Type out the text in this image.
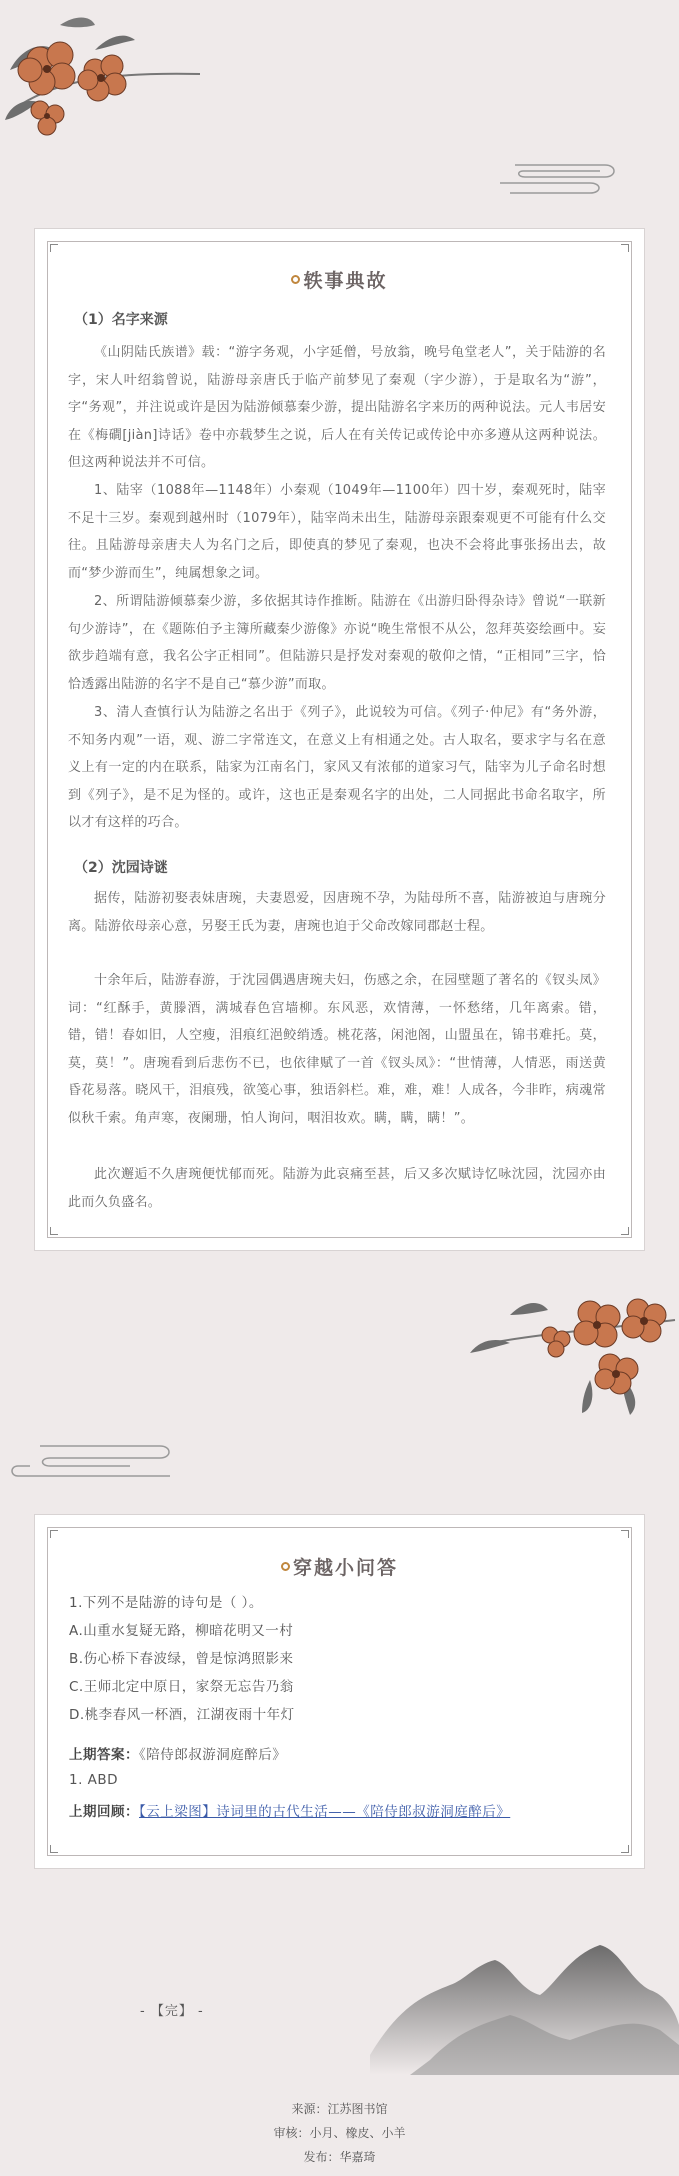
轶事典故
（1）名字来源

《山阴陆氏族谱》载：“游字务观，小字延僧，号放翁，晚号龟堂老人”，关于陆游的名字，宋人叶绍翁曾说，陆游母亲唐氏于临产前梦见了秦观（字少游），于是取名为“游”，字“务观”，并注说或许是因为陆游倾慕秦少游，提出陆游名字来历的两种说法。元人韦居安在《梅磵[jiàn]诗话》卷中亦载梦生之说，后人在有关传记或传论中亦多遵从这两种说法。但这两种说法并不可信。

1、陆宰（1088年—1148年）小秦观（1049年—1100年）四十岁，秦观死时，陆宰不足十三岁。秦观到越州时（1079年），陆宰尚未出生，陆游母亲跟秦观更不可能有什么交往。且陆游母亲唐夫人为名门之后，即使真的梦见了秦观，也决不会将此事张扬出去，故而“梦少游而生”，纯属想象之词。

2、所谓陆游倾慕秦少游，多依据其诗作推断。陆游在《出游归卧得杂诗》曾说“一联新句少游诗”，在《题陈伯予主簿所藏秦少游像》亦说“晚生常恨不从公，忽拜英姿绘画中。妄欲步趋端有意，我名公字正相同”。但陆游只是抒发对秦观的敬仰之情，“正相同”三字，恰恰透露出陆游的名字不是自己“慕少游”而取。

3、清人查慎行认为陆游之名出于《列子》，此说较为可信。《列子·仲尼》有“务外游，不知务内观”一语，观、游二字常连文，在意义上有相通之处。古人取名，要求字与名在意义上有一定的内在联系，陆家为江南名门，家风又有浓郁的道家习气，陆宰为儿子命名时想到《列子》，是不足为怪的。或许，这也正是秦观名字的出处，二人同据此书命名取字，所以才有这样的巧合。

（2）沈园诗谜

据传，陆游初娶表妹唐琬，夫妻恩爱，因唐琬不孕，为陆母所不喜，陆游被迫与唐琬分离。陆游依母亲心意，另娶王氏为妻，唐琬也迫于父命改嫁同郡赵士程。

十余年后，陆游春游，于沈园偶遇唐琬夫妇，伤感之余，在园壁题了著名的《钗头凤》词：“红酥手，黄滕酒，满城春色宫墙柳。东风恶，欢情薄，一怀愁绪，几年离索。错，错，错！春如旧，人空瘦，泪痕红浥鲛绡透。桃花落，闲池阁，山盟虽在，锦书难托。莫，莫，莫！”。唐琬看到后悲伤不已，也依律赋了一首《钗头凤》：“世情薄，人情恶，雨送黄昏花易落。晓风干，泪痕残，欲笺心事，独语斜栏。难，难，难！人成各，今非昨，病魂常似秋千索。角声寒，夜阑珊，怕人询问，咽泪妆欢。瞒，瞒，瞒！”。

此次邂逅不久唐琬便忧郁而死。陆游为此哀痛至甚，后又多次赋诗忆咏沈园，沈园亦由此而久负盛名。

穿越小问答
1.下列不是陆游的诗句是（ ）。
A.山重水复疑无路，柳暗花明又一村
B.伤心桥下春波绿，曾是惊鸿照影来
C.王师北定中原日，家祭无忘告乃翁
D.桃李春风一杯酒，江湖夜雨十年灯
上期答案：《陪侍郎叔游洞庭醉后》
1. ABD
上期回顾：【云上梁图】诗词里的古代生活——《陪侍郎叔游洞庭醉后》
- 【完】 -
来源：江苏图书馆
审核：小月、橡皮、小羊
发布：华嘉琦
